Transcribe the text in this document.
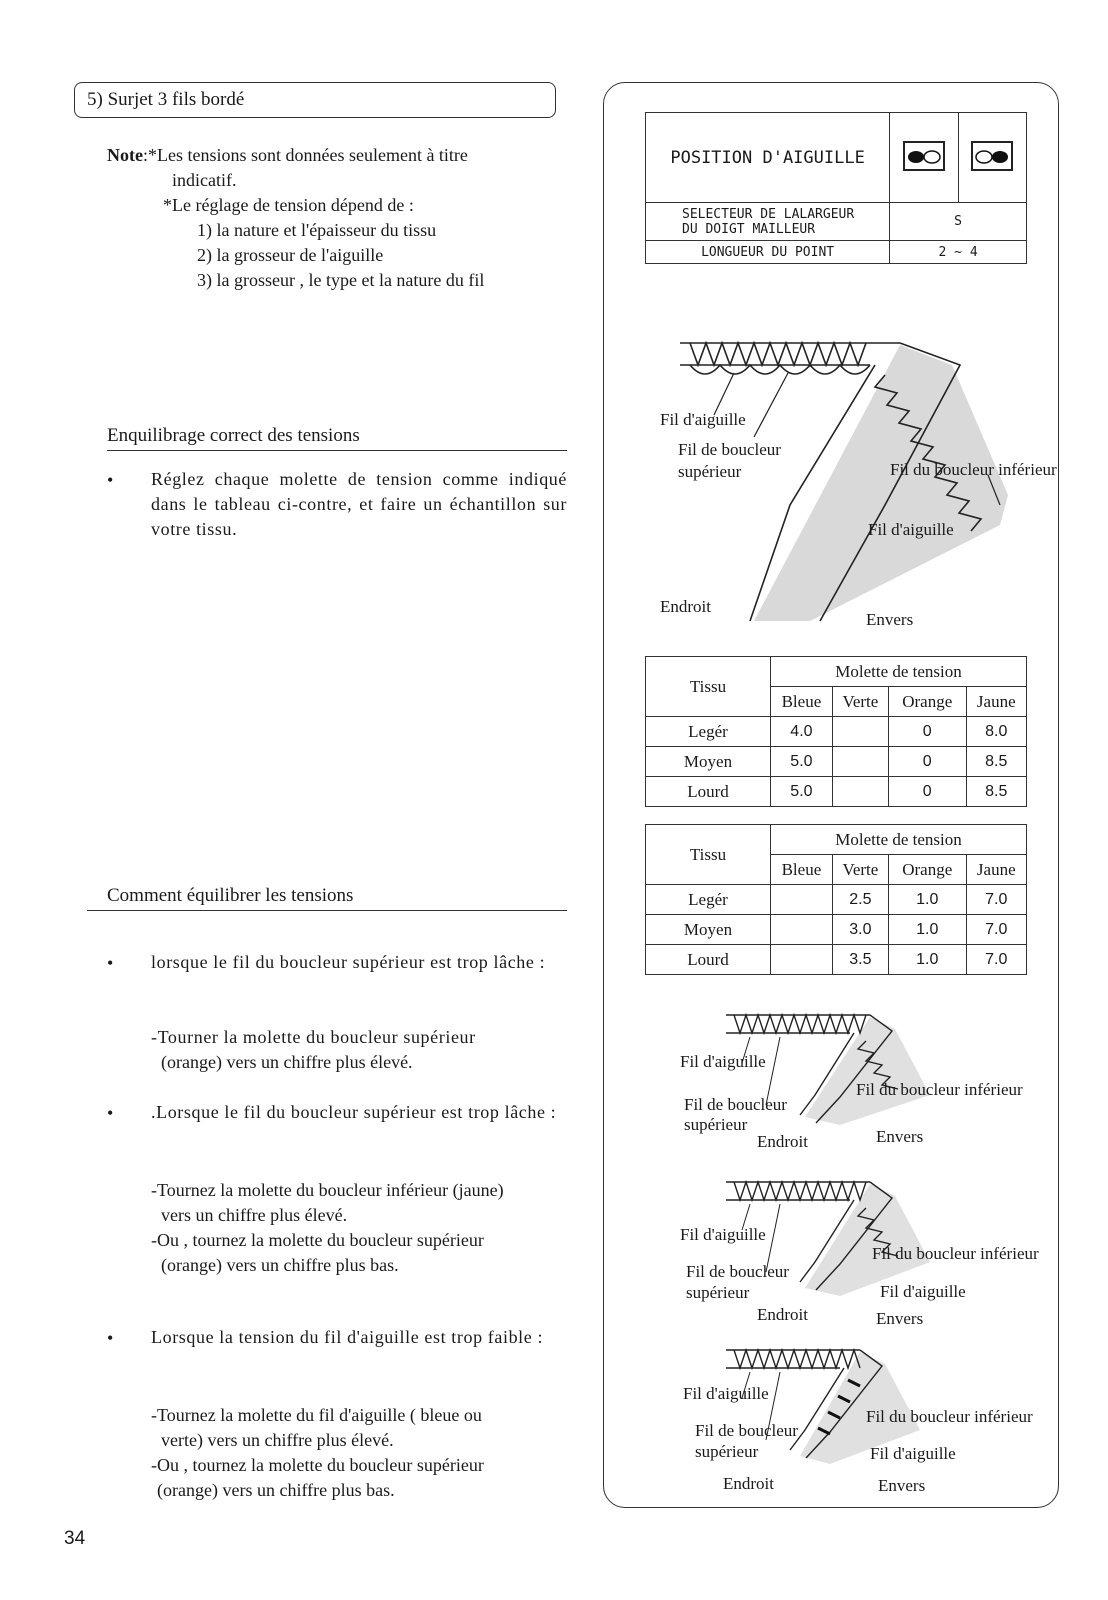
5) Surjet 3 fils bordé
Note:*Les tensions sont données seulement à titre
indicatif.
*Le réglage de tension dépend de :
1) la nature et l'épaisseur du tissu
2) la grosseur de l'aiguille
3) la grosseur , le type et la nature du fil
Enquilibrage correct des tensions
• Réglez chaque molette de tension comme indiqué dans le tableau ci-contre, et faire un échantillon sur votre tissu.
Comment équilibrer les tensions
• lorsque le fil du boucleur supérieur est trop lâche :
-Tourner la molette du boucleur supérieur
(orange) vers un chiffre plus élevé.
• .Lorsque le fil du boucleur supérieur est trop lâche :
-Tournez la molette du boucleur inférieur (jaune)
vers un chiffre plus élevé.
-Ou , tournez la molette du boucleur supérieur
(orange) vers un chiffre plus bas.
• Lorsque la tension du fil d'aiguille est trop faible :
-Tournez la molette du fil d'aiguille ( bleue ou
verte) vers un chiffre plus élevé.
-Ou , tournez la molette du boucleur supérieur
(orange) vers un chiffre plus bas.
34
POSITION D'AIGUILLE		
SELECTEUR DE LALARGEUR DU DOIGT MAILLEUR	S	
LONGUEUR DU POINT	2 ~ 4	
Fil d'aiguille
Fil de boucleur
supérieur	Fil du boucleur inférieur
Fil d'aiguille
Endroit
Envers
Tissu	Molette de tension			
	Bleue	Verte	Orange	Jaune
Legér	4.0		0	8.0
Moyen	5.0		0	8.5
Lourd	5.0		0	8.5
Tissu	Molette de tension			
	Bleue	Verte	Orange	Jaune
Legér		2.5	1.0	7.0
Moyen		3.0	1.0	7.0
Lourd		3.5	1.0	7.0
Fil d'aiguille
Fil de boucleur
supérieur
Fil du boucleur inférieur
Endroit	Envers
Fil d'aiguille
Fil de boucleur
supérieur
Fil du boucleur inférieur
Fil d'aiguille
Endroit	Envers
Fil d'aiguille
Fil de boucleur
supérieur
Fil du boucleur inférieur
Fil d'aiguille
Endroit	Envers
